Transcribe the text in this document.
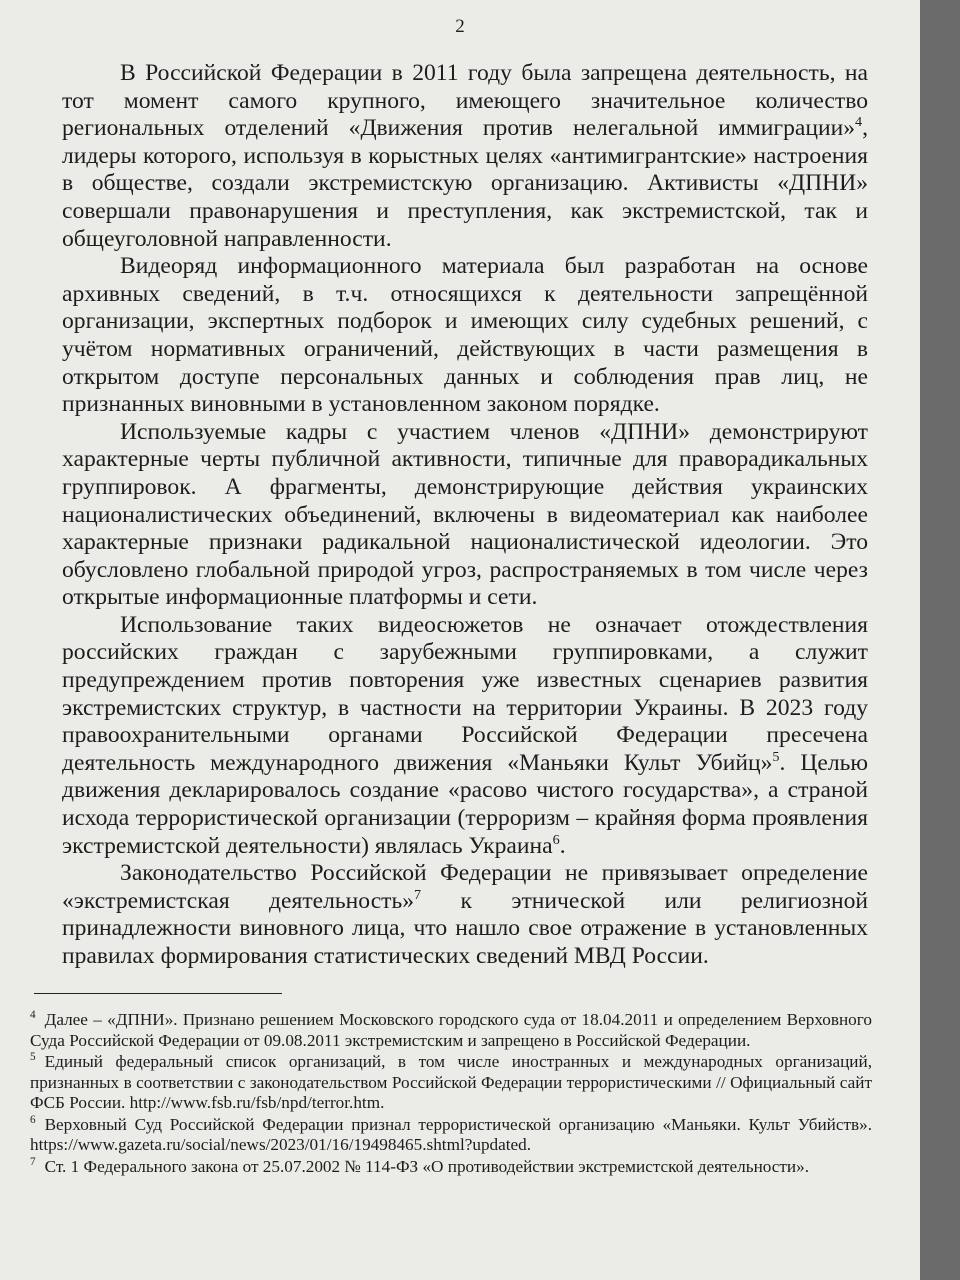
2

В Российской Федерации в 2011 году была запрещена деятельность, на тот момент самого крупного, имеющего значительное количество региональных отделений «Движения против нелегальной иммиграции»$^4$, лидеры которого, используя в корыстных целях «антимигрантские» настроения в обществе, создали экстремистскую организацию. Активисты «ДПНИ» совершали правонарушения и преступления, как экстремистской, так и общеуголовной направленности.

Видеоряд информационного материала был разработан на основе архивных сведений, в т.ч. относящихся к деятельности запрещённой организации, экспертных подборок и имеющих силу судебных решений, с учётом нормативных ограничений, действующих в части размещения в открытом доступе персональных данных и соблюдения прав лиц, не признанных виновными в установленном законом порядке.

Используемые кадры с участием членов «ДПНИ» демонстрируют характерные черты публичной активности, типичные для праворадикальных группировок. А фрагменты, демонстрирующие действия украинских националистических объединений, включены в видеоматериал как наиболее характерные признаки радикальной националистической идеологии. Это обусловлено глобальной природой угроз, распространяемых в том числе через открытые информационные платформы и сети.

Использование таких видеосюжетов не означает отождествления российских граждан с зарубежными группировками, а служит предупреждением против повторения уже известных сценариев развития экстремистских структур, в частности на территории Украины. В 2023 году правоохранительными органами Российской Федерации пресечена деятельность международного движения «Маньяки Культ Убийц»$^5$. Целью движения декларировалось создание «расово чистого государства», а страной исхода террористической организации (терроризм – крайняя форма проявления экстремистской деятельности) являлась Украина$^6$.

Законодательство Российской Федерации не привязывает определение «экстремистская деятельность»$^7$ к этнической или религиозной принадлежности виновного лица, что нашло свое отражение в установленных правилах формирования статистических сведений МВД России.

$^4$ Далее – «ДПНИ». Признано решением Московского городского суда от 18.04.2011 и определением Верховного Суда Российской Федерации от 09.08.2011 экстремистским и запрещено в Российской Федерации.

$^5$ Единый федеральный список организаций, в том числе иностранных и международных организаций, признанных в соответствии с законодательством Российской Федерации террористическими // Официальный сайт ФСБ России. http://www.fsb.ru/fsb/npd/terror.htm.

$^6$ Верховный Суд Российской Федерации признал террористической организацию «Маньяки. Культ Убийств». https://www.gazeta.ru/social/news/2023/01/16/19498465.shtml?updated.

$^7$ Ст. 1 Федерального закона от 25.07.2002 № 114-ФЗ «О противодействии экстремистской деятельности».
